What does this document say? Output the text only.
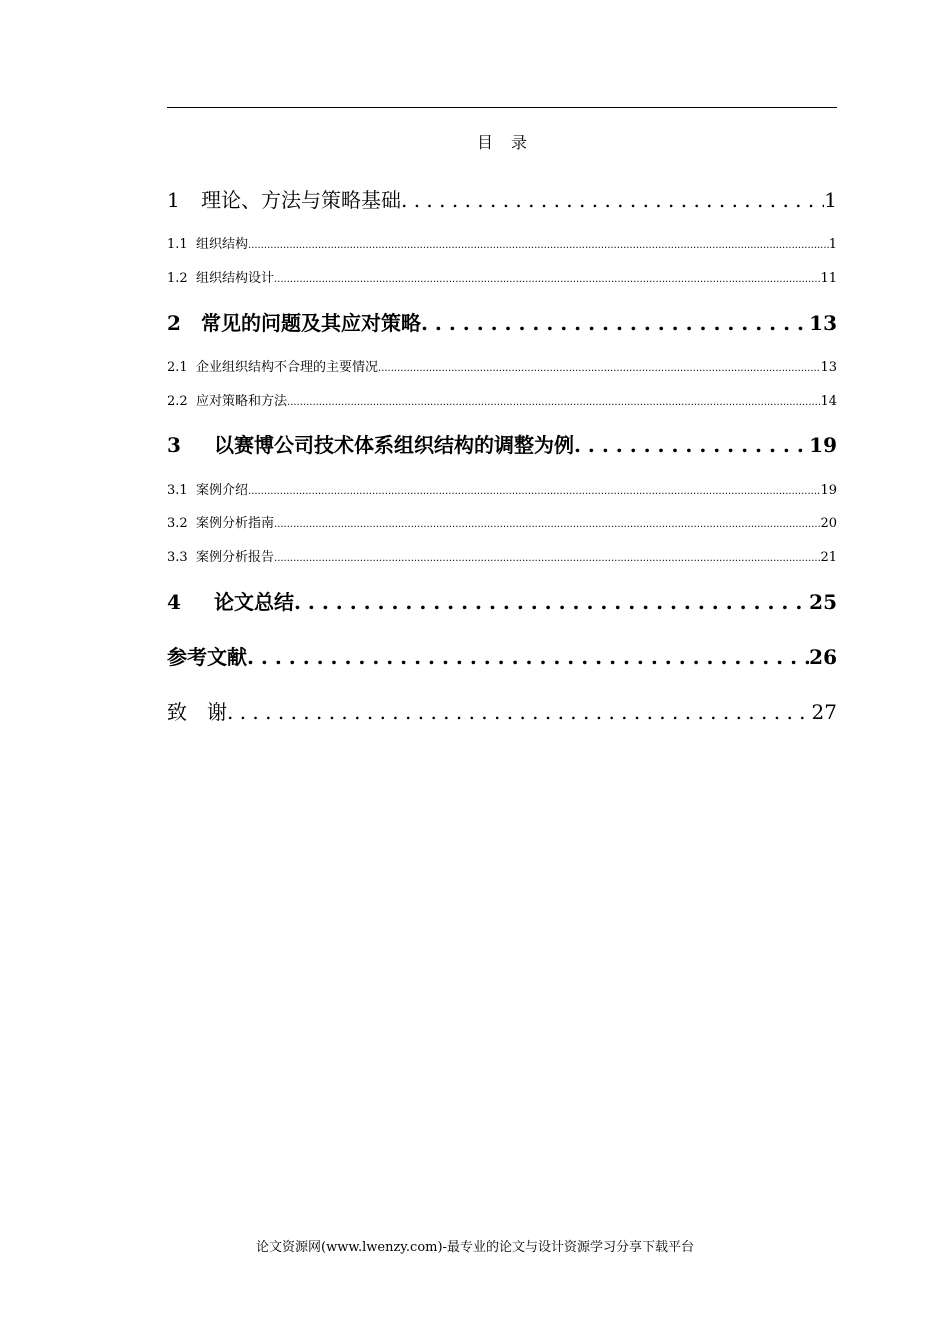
目 录
1 理论、方法与策略基础 . . .	1
1.1 组织结构 .....	1
1.2 组织结构设计 .....	11
2 常见的问题及其应对策略 . . .	13
2.1 企业组织结构不合理的主要情况 .....	13
2.2 应对策略和方法 .....	14
3 以赛博公司技术体系组织结构的调整为例 . . .	19
3.1 案例介绍 .....	19
3.2 案例分析指南 .....	20
3.3 案例分析报告 .....	21
4 论文总结 . . .	25
参考文献 . . .	26
致　谢 . . .	27
论文资源网(www.lwenzy.com)-最专业的论文与设计资源学习分享下载平台
